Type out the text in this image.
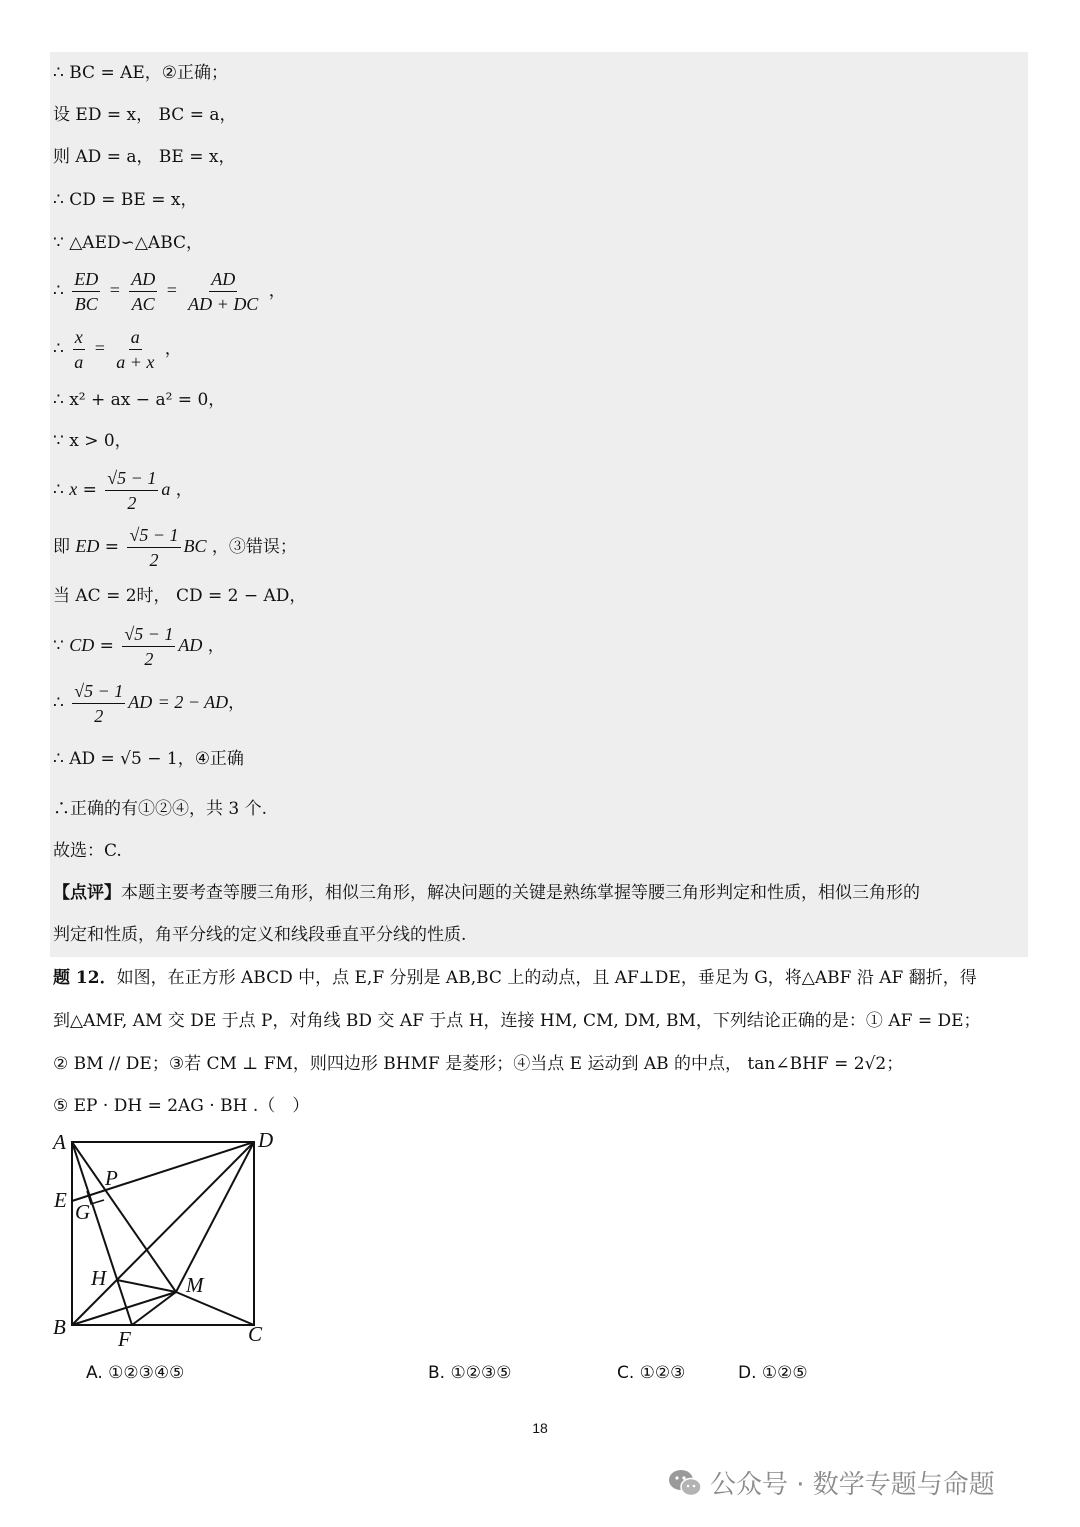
∴ BC = AE，②正确；
设 ED = x， BC = a，
则 AD = a， BE = x，
∴ CD = BE = x，
∵ △AED∽△ABC，
∴ $\frac{ED}{BC} = \frac{AD}{AC} = \frac{AD}{AD + DC}$ ，
∴ $\frac{x}{a} = \frac{a}{a + x}$ ，
∴ x² + ax − a² = 0，
∵ x > 0，
∴ $x = \frac{√5 - 1}{2}$ a ，
即 ED = $\frac{√5 - 1}{2}$ BC ，③错误；
当 AC = 2时， CD = 2 − AD，
∵ CD = $\frac{√5 - 1}{2}$ AD ，
∴ $\frac{√5 - 1}{2}$ AD = 2 − AD，
∴ AD = √5 − 1，④正确
∴正确的有①②④，共 3 个.
故选：C.
【点评】本题主要考查等腰三角形，相似三角形，解决问题的关键是熟练掌握等腰三角形判定和性质，相似三角形的
判定和性质，角平分线的定义和线段垂直平分线的性质.
题 12．如图，在正方形 ABCD 中，点 E,F 分别是 AB,BC 上的动点，且 AF⊥DE，垂足为 G，将△ABF 沿 AF 翻折，得
到△AMF, AM 交 DE 于点 P，对角线 BD 交 AF 于点 H，连接 HM, CM, DM, BM，下列结论正确的是：① AF = DE；
② BM // DE；③若 CM ⊥ FM，则四边形 BHMF 是菱形；④当点 E 运动到 AB 的中点， tan∠BHF = 2√2；
⑤ EP · DH = 2AG · BH .（　）
A	D
E G
P
H	M
B F	C
A. ①②③④⑤	B. ①②③⑤	C. ①②③	D. ①②⑤
18
公众号 · 数学专题与命题
